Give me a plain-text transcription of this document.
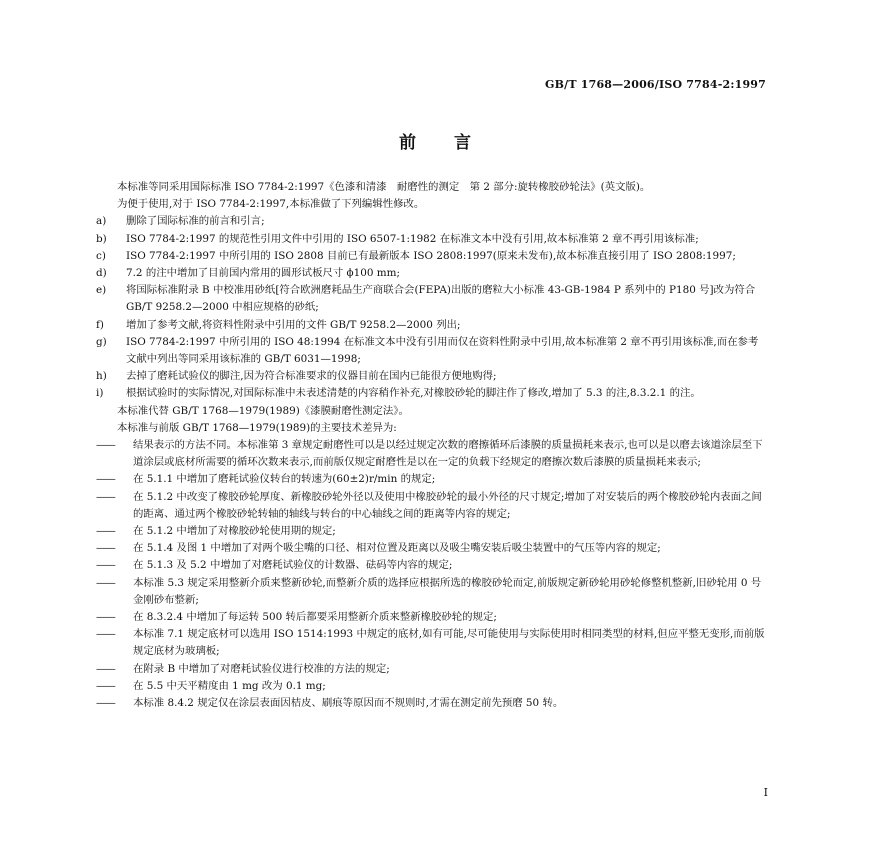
GB/T 1768—2006/ISO 7784-2:1997
前言

本标准等同采用国际标准 ISO 7784-2:1997《色漆和清漆　耐磨性的测定　第 2 部分:旋转橡胶砂轮法》(英文版)。

为便于使用,对于 ISO 7784-2:1997,本标准做了下列编辑性修改。

a)	删除了国际标准的前言和引言;
b)	ISO 7784-2:1997 的规范性引用文件中引用的 ISO 6507-1:1982 在标准文本中没有引用,故本标准第 2 章不再引用该标准;
c)	ISO 7784-2:1997 中所引用的 ISO 2808 目前已有最新版本 ISO 2808:1997(原来未发布),故本标准直接引用了 ISO 2808:1997;
d)	7.2 的注中增加了目前国内常用的圆形试板尺寸 ϕ100 mm;
e)	将国际标准附录 B 中校准用砂纸[符合欧洲磨耗品生产商联合会(FEPA)出版的磨粒大小标准 43-GB-1984 P 系列中的 P180 号]改为符合 GB/T 9258.2—2000 中相应规格的砂纸;
f)	增加了参考文献,将资料性附录中引用的文件 GB/T 9258.2—2000 列出;
g)	ISO 7784-2:1997 中所引用的 ISO 48:1994 在标准文本中没有引用而仅在资料性附录中引用,故本标准第 2 章不再引用该标准,而在参考文献中列出等同采用该标准的 GB/T 6031—1998;
h)	去掉了磨耗试验仪的脚注,因为符合标准要求的仪器目前在国内已能很方便地购得;
i)	根据试验时的实际情况,对国际标准中未表述清楚的内容稍作补充,对橡胶砂轮的脚注作了修改,增加了 5.3 的注,8.3.2.1 的注。

本标准代替 GB/T 1768—1979(1989)《漆膜耐磨性测定法》。

本标准与前版 GB/T 1768—1979(1989)的主要技术差异为:

——	结果表示的方法不同。本标准第 3 章规定耐磨性可以是以经过规定次数的磨擦循环后漆膜的质量损耗来表示,也可以是以磨去该道涂层至下道涂层或底材所需要的循环次数来表示,而前版仅规定耐磨性是以在一定的负载下经规定的磨擦次数后漆膜的质量损耗来表示;
——	在 5.1.1 中增加了磨耗试验仪转台的转速为(60±2)r/min 的规定;
——	在 5.1.2 中改变了橡胶砂轮厚度、新橡胶砂轮外径以及使用中橡胶砂轮的最小外径的尺寸规定;增加了对安装后的两个橡胶砂轮内表面之间的距离、通过两个橡胶砂轮转轴的轴线与转台的中心轴线之间的距离等内容的规定;
——	在 5.1.2 中增加了对橡胶砂轮使用期的规定;
——	在 5.1.4 及图 1 中增加了对两个吸尘嘴的口径、相对位置及距离以及吸尘嘴安装后吸尘装置中的气压等内容的规定;
——	在 5.1.3 及 5.2 中增加了对磨耗试验仪的计数器、砝码等内容的规定;
——	本标准 5.3 规定采用整新介质来整新砂轮,而整新介质的选择应根据所选的橡胶砂轮而定,前版规定新砂轮用砂轮修整机整新,旧砂轮用 0 号金刚砂布整新;
——	在 8.3.2.4 中增加了每运转 500 转后都要采用整新介质来整新橡胶砂轮的规定;
——	本标准 7.1 规定底材可以选用 ISO 1514:1993 中规定的底材,如有可能,尽可能使用与实际使用时相同类型的材料,但应平整无变形,而前版规定底材为玻璃板;
——	在附录 B 中增加了对磨耗试验仪进行校准的方法的规定;
——	在 5.5 中天平精度由 1 mg 改为 0.1 mg;
——	本标准 8.4.2 规定仅在涂层表面因桔皮、刷痕等原因而不规则时,才需在测定前先预磨 50 转。
I
